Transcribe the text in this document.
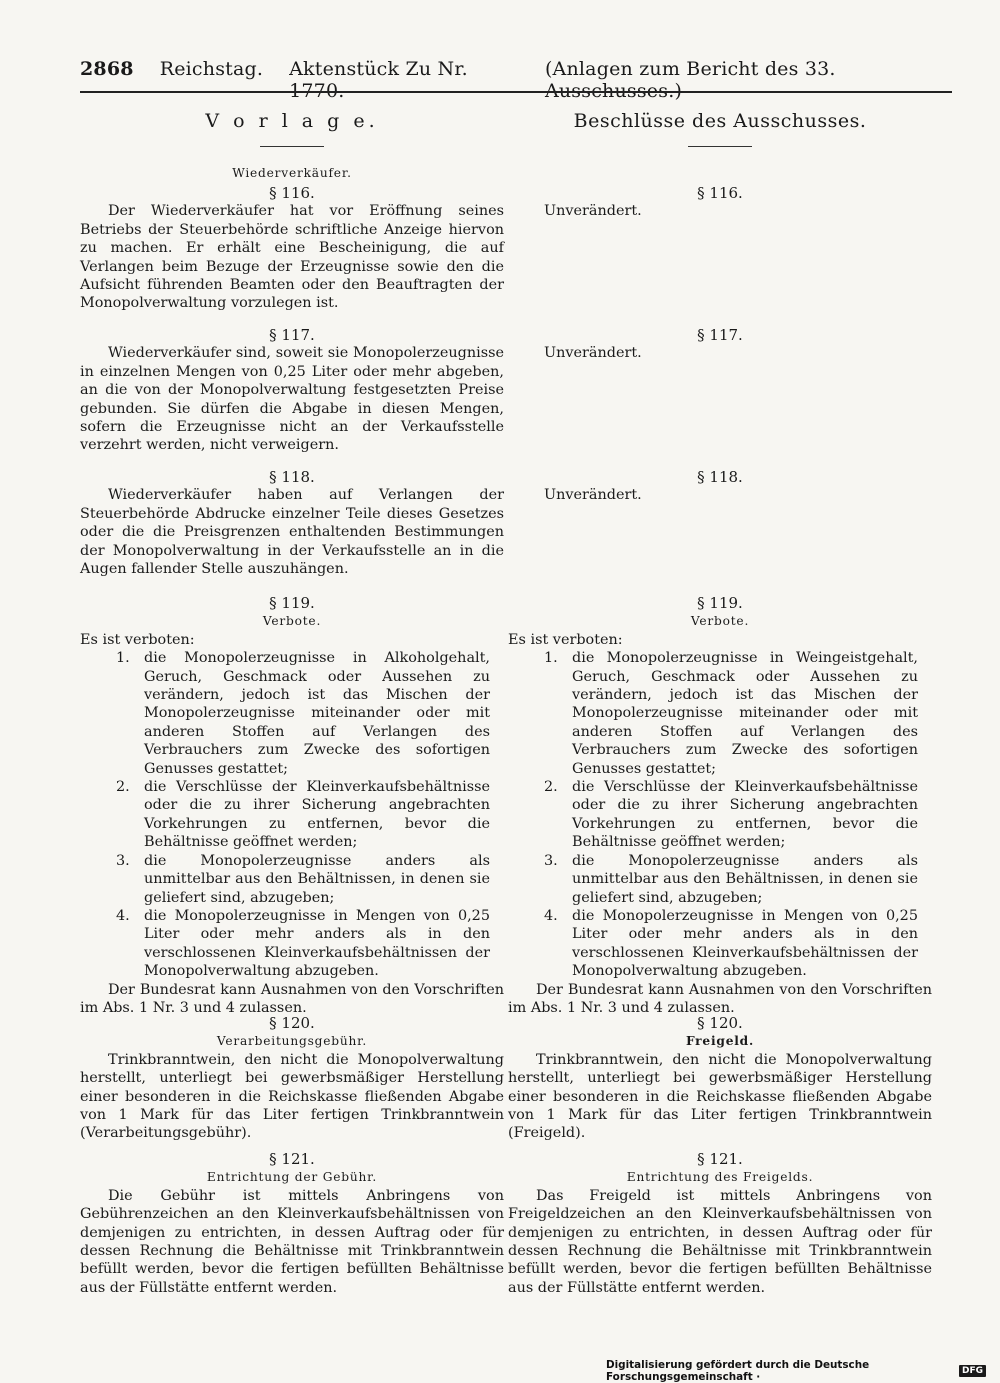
2868 Reichstag. Aktenstück Zu Nr. 1770.
(Anlagen zum Bericht des 33. Ausschusses.)
V o r l a g e.
Wiederverkäufer.
§ 116.

Der Wiederverkäufer hat vor Eröffnung seines Betriebs der Steuerbehörde schriftliche Anzeige hiervon zu machen. Er erhält eine Bescheinigung, die auf Verlangen beim Bezuge der Erzeugnisse sowie den die Aufsicht führenden Beamten oder den Beauftragten der Monopolverwaltung vorzulegen ist.

§ 117.

Wiederverkäufer sind, soweit sie Monopolerzeugnisse in einzelnen Mengen von 0,25 Liter oder mehr abgeben, an die von der Monopolverwaltung festgesetzten Preise gebunden. Sie dürfen die Abgabe in diesen Mengen, sofern die Erzeugnisse nicht an der Verkaufsstelle verzehrt werden, nicht verweigern.

§ 118.

Wiederverkäufer haben auf Verlangen der Steuerbehörde Abdrucke einzelner Teile dieses Gesetzes oder die die Preisgrenzen enthaltenden Bestimmungen der Monopolverwaltung in der Verkaufsstelle an in die Augen fallender Stelle auszuhängen.

§ 119.
Verbote.

Es ist verboten:

1. die Monopolerzeugnisse in Alkoholgehalt, Geruch, Geschmack oder Aussehen zu verändern, jedoch ist das Mischen der Monopolerzeugnisse miteinander oder mit anderen Stoffen auf Verlangen des Verbrauchers zum Zwecke des sofortigen Genusses gestattet;
2. die Verschlüsse der Kleinverkaufsbehältnisse oder die zu ihrer Sicherung angebrachten Vorkehrungen zu entfernen, bevor die Behältnisse geöffnet werden;
3. die Monopolerzeugnisse anders als unmittelbar aus den Behältnissen, in denen sie geliefert sind, abzugeben;
4. die Monopolerzeugnisse in Mengen von 0,25 Liter oder mehr anders als in den verschlossenen Kleinverkaufsbehältnissen der Monopolverwaltung abzugeben.

Der Bundesrat kann Ausnahmen von den Vorschriften im Abs. 1 Nr. 3 und 4 zulassen.

§ 120.
Verarbeitungsgebühr.

Trinkbranntwein, den nicht die Monopolverwaltung herstellt, unterliegt bei gewerbsmäßiger Herstellung einer besonderen in die Reichskasse fließenden Abgabe von 1 Mark für das Liter fertigen Trinkbranntwein (Verarbeitungsgebühr).

§ 121.
Entrichtung der Gebühr.

Die Gebühr ist mittels Anbringens von Gebührenzeichen an den Kleinverkaufsbehältnissen von demjenigen zu entrichten, in dessen Auftrag oder für dessen Rechnung die Behältnisse mit Trinkbranntwein befüllt werden, bevor die fertigen befüllten Behältnisse aus der Füllstätte entfernt werden.

Beschlüsse des Ausschusses.
§ 116.

Unverändert.

§ 117.

Unverändert.

§ 118.

Unverändert.

§ 119.
Verbote.

Es ist verboten:

1. die Monopolerzeugnisse in Weingeistgehalt, Geruch, Geschmack oder Aussehen zu verändern, jedoch ist das Mischen der Monopolerzeugnisse miteinander oder mit anderen Stoffen auf Verlangen des Verbrauchers zum Zwecke des sofortigen Genusses gestattet;
2. die Verschlüsse der Kleinverkaufsbehältnisse oder die zu ihrer Sicherung angebrachten Vorkehrungen zu entfernen, bevor die Behältnisse geöffnet werden;
3. die Monopolerzeugnisse anders als unmittelbar aus den Behältnissen, in denen sie geliefert sind, abzugeben;
4. die Monopolerzeugnisse in Mengen von 0,25 Liter oder mehr anders als in den verschlossenen Kleinverkaufsbehältnissen der Monopolverwaltung abzugeben.

Der Bundesrat kann Ausnahmen von den Vorschriften im Abs. 1 Nr. 3 und 4 zulassen.

§ 120.
Freigeld.

Trinkbranntwein, den nicht die Monopolverwaltung herstellt, unterliegt bei gewerbsmäßiger Herstellung einer besonderen in die Reichskasse fließenden Abgabe von 1 Mark für das Liter fertigen Trinkbranntwein (Freigeld).

§ 121.
Entrichtung des Freigelds.

Das Freigeld ist mittels Anbringens von Freigeldzeichen an den Kleinverkaufsbehältnissen von demjenigen zu entrichten, in dessen Auftrag oder für dessen Rechnung die Behältnisse mit Trinkbranntwein befüllt werden, bevor die fertigen befüllten Behältnisse aus der Füllstätte entfernt werden.

Digitalisierung gefördert durch die Deutsche Forschungsgemeinschaft ·	DFG
